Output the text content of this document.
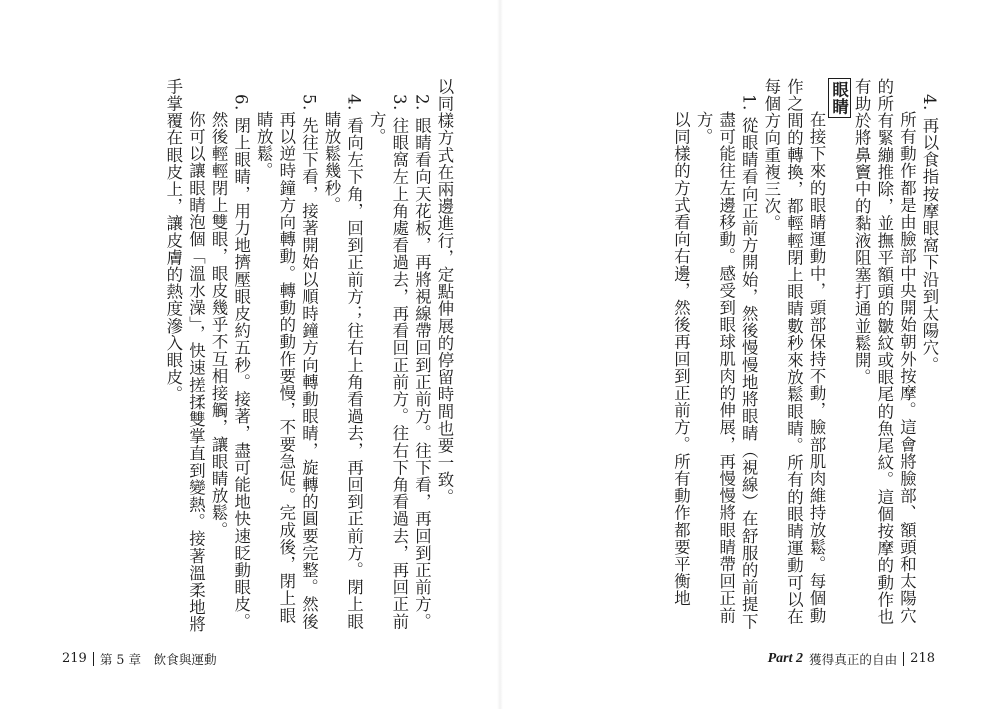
4. 再以食指按摩眼窩下沿到太陽穴。

所有動作都是由臉部中央開始朝外按摩。這會將臉部、額頭和太陽穴的所有緊繃推除，並撫平額頭的皺紋或眼尾的魚尾紋。這個按摩的動作也有助於將鼻竇中的黏液阻塞打通並鬆開。

眼睛

在接下來的眼睛運動中，頭部保持不動，臉部肌肉維持放鬆。每個動作之間的轉換，都輕輕閉上眼睛數秒來放鬆眼睛。所有的眼睛運動可以在每個方向重複三次。

1. 從眼睛看向正前方開始，然後慢慢地將眼睛（視線）在舒服的前提下盡可能往左邊移動。感受到眼球肌肉的伸展，再慢慢將眼睛帶回正前方。

以同樣的方式看向右邊，然後再回到正前方。所有動作都要平衡地

以同樣方式在兩邊進行，定點伸展的停留時間也要一致。

2. 眼睛看向天花板，再將視線帶回到正前方。往下看，再回到正前方。

3. 往眼窩左上角處看過去，再看回正前方。往右下角看過去，再回正前方。

4. 看向左下角，回到正前方；往右上角看過去，再回到正前方。閉上眼睛放鬆幾秒。

5. 先往下看，接著開始以順時鐘方向轉動眼睛，旋轉的圓要完整。然後再以逆時鐘方向轉動。轉動的動作要慢，不要急促。完成後，閉上眼睛放鬆。

6. 閉上眼睛，用力地擠壓眼皮約五秒。接著，盡可能地快速眨動眼皮。然後輕輕閉上雙眼，眼皮幾乎不互相接觸，讓眼睛放鬆。

你可以讓眼睛泡個「溫水澡」，快速搓揉雙掌直到變熱。接著溫柔地將手掌覆在眼皮上，讓皮膚的熱度滲入眼皮。

219 第 5 章　飲食與運動	Part 2 獲得真正的自由 218
